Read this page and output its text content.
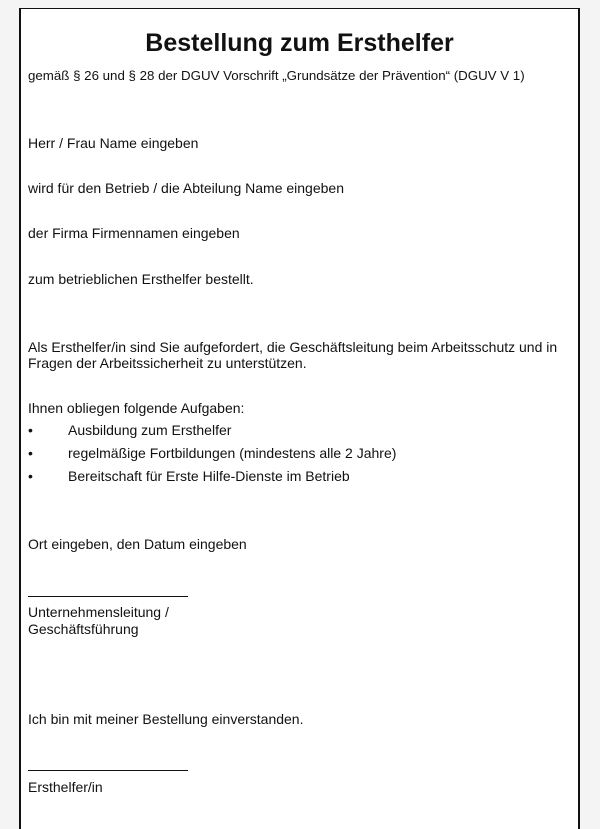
Bestellung zum Ersthelfer
gemäß § 26 und § 28 der DGUV Vorschrift „Grundsätze der Prävention“ (DGUV V 1)
Herr / Frau Name eingeben
wird für den Betrieb / die Abteilung Name eingeben
der Firma Firmennamen eingeben
zum betrieblichen Ersthelfer bestellt.
Als Ersthelfer/in sind Sie aufgefordert, die Geschäftsleitung beim Arbeitsschutz und in
Fragen der Arbeitssicherheit zu unterstützen.
Ihnen obliegen folgende Aufgaben:
•	Ausbildung zum Ersthelfer
•	regelmäßige Fortbildungen (mindestens alle 2 Jahre)
•	Bereitschaft für Erste Hilfe-Dienste im Betrieb
Ort eingeben, den Datum eingeben
Unternehmensleitung /
Geschäftsführung
Ich bin mit meiner Bestellung einverstanden.
Ersthelfer/in
